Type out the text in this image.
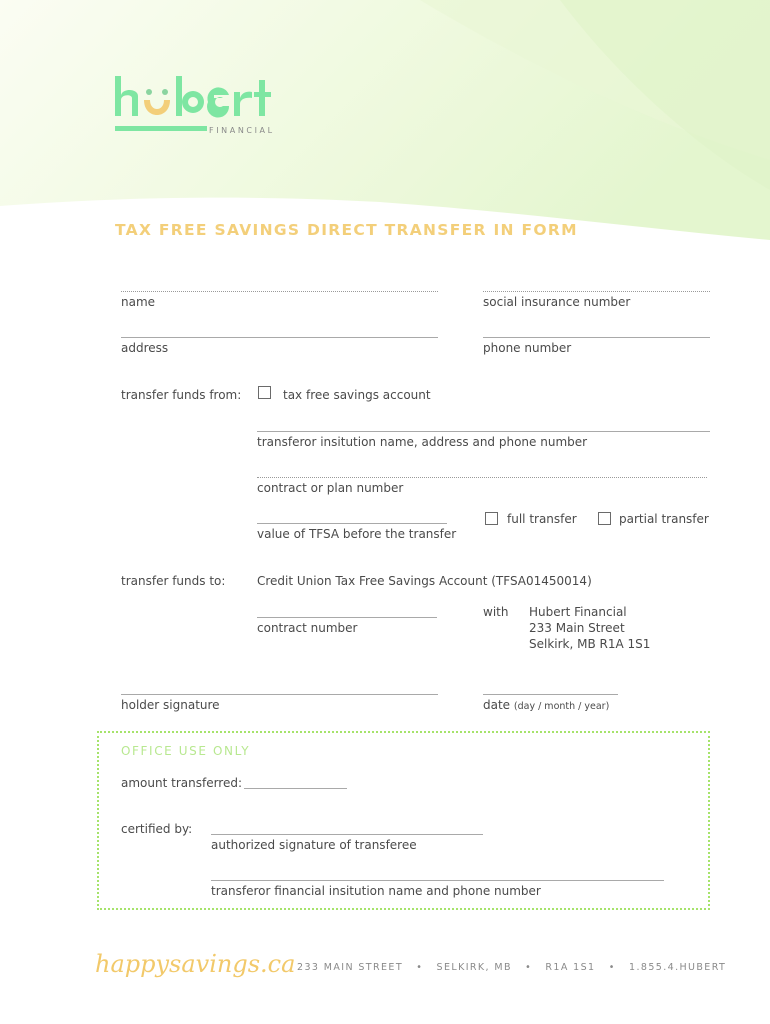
FINANCIAL
TAX FREE SAVINGS DIRECT TRANSFER IN FORM
name	social insurance number
address	phone number
transfer funds from:	tax free savings account
transferor insitution name, address and phone number
contract or plan number
value of TFSA before the transfer
full transfer	partial transfer
transfer funds to:	Credit Union Tax Free Savings Account (TFSA01450014)
contract number
with Hubert Financial
233 Main Street
Selkirk, MB R1A 1S1
holder signature	date (day / month / year)
OFFICE USE ONLY
amount transferred:
certified by:
authorized signature of transferee
transferor financial insitution name and phone number
happysavings.ca 233 MAIN STREET   •   SELKIRK, MB   •   R1A 1S1   •   1.855.4.HUBERT
